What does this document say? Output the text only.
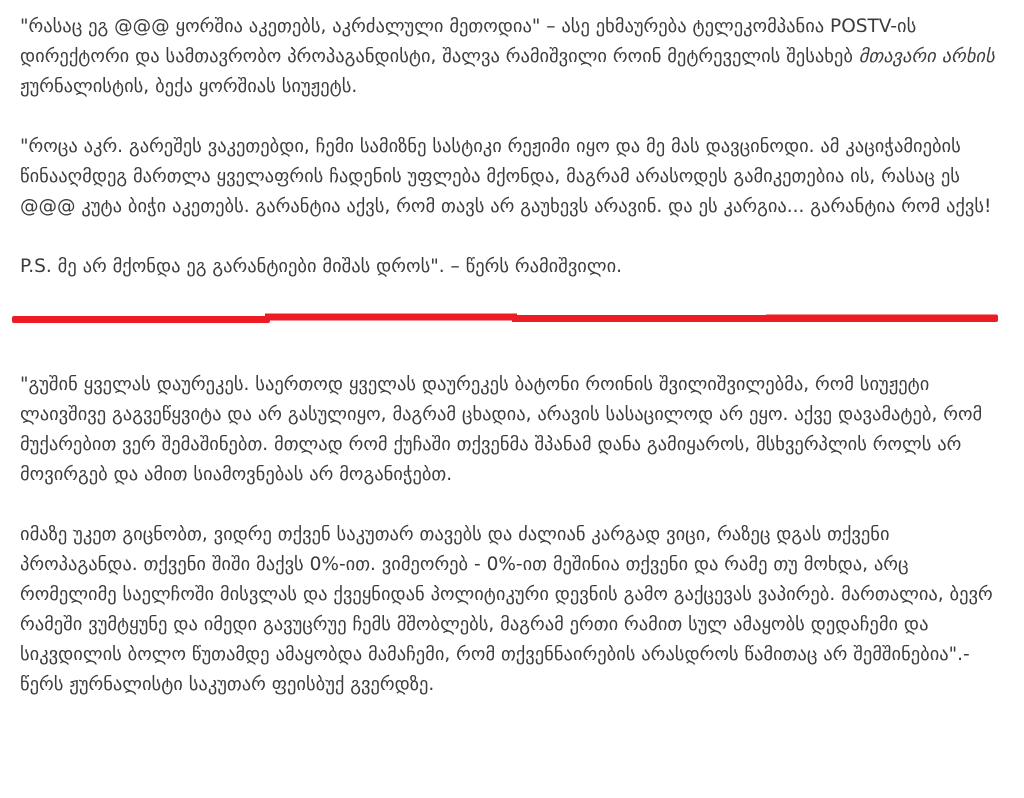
"რასაც ეგ @@@ ყორშია აკეთებს, აკრძალული მეთოდია" – ასე ეხმაურება ტელეკომპანია POSTV-ის დირექტორი და სამთავრობო პროპაგანდისტი, შალვა რამიშვილი როინ მეტრეველის შესახებ მთავარი არხის ჟურნალისტის, ბექა ყორშიას სიუჟეტს.

"როცა აკრ. გარეშეს ვაკეთებდი, ჩემი სამიზნე სასტიკი რეჟიმი იყო და მე მას დავცინოდი. ამ კაციჭამიების წინააღმდეგ მართლა ყველაფრის ჩადენის უფლება მქონდა, მაგრამ არასოდეს გამიკეთებია ის, რასაც ეს @@@ კუტა ბიჭი აკეთებს. გარანტია აქვს, რომ თავს არ გაუხევს არავინ. და ეს კარგია... გარანტია რომ აქვს!

P.S. მე არ მქონდა ეგ გარანტიები მიშას დროს". – წერს რამიშვილი.

"გუშინ ყველას დაურეკეს. საერთოდ ყველას დაურეკეს ბატონი როინის შვილიშვილებმა, რომ სიუჟეტი ლაივშივე გაგვეწყვიტა და არ გასულიყო, მაგრამ ცხადია, არავის სასაცილოდ არ ეყო. აქვე დავამატებ, რომ მუქარებით ვერ შემაშინებთ. მთლად რომ ქუჩაში თქვენმა შპანამ დანა გამიყაროს, მსხვერპლის როლს არ მოვირგებ და ამით სიამოვნებას არ მოგანიჭებთ.

იმაზე უკეთ გიცნობთ, ვიდრე თქვენ საკუთარ თავებს და ძალიან კარგად ვიცი, რაზეც დგას თქვენი პროპაგანდა. თქვენი შიში მაქვს 0%-ით. ვიმეორებ - 0%-ით მეშინია თქვენი და რამე თუ მოხდა, არც რომელიმე საელჩოში მისვლას და ქვეყნიდან პოლიტიკური დევნის გამო გაქცევას ვაპირებ. მართალია, ბევრ რამეში ვუმტყუნე და იმედი გავუცრუე ჩემს მშობლებს, მაგრამ ერთი რამით სულ ამაყობს დედაჩემი და სიკვდილის ბოლო წუთამდე ამაყობდა მამაჩემი, რომ თქვენნაირების არასდროს წამითაც არ შემშინებია".- წერს ჟურნალისტი საკუთარ ფეისბუქ გვერდზე.
